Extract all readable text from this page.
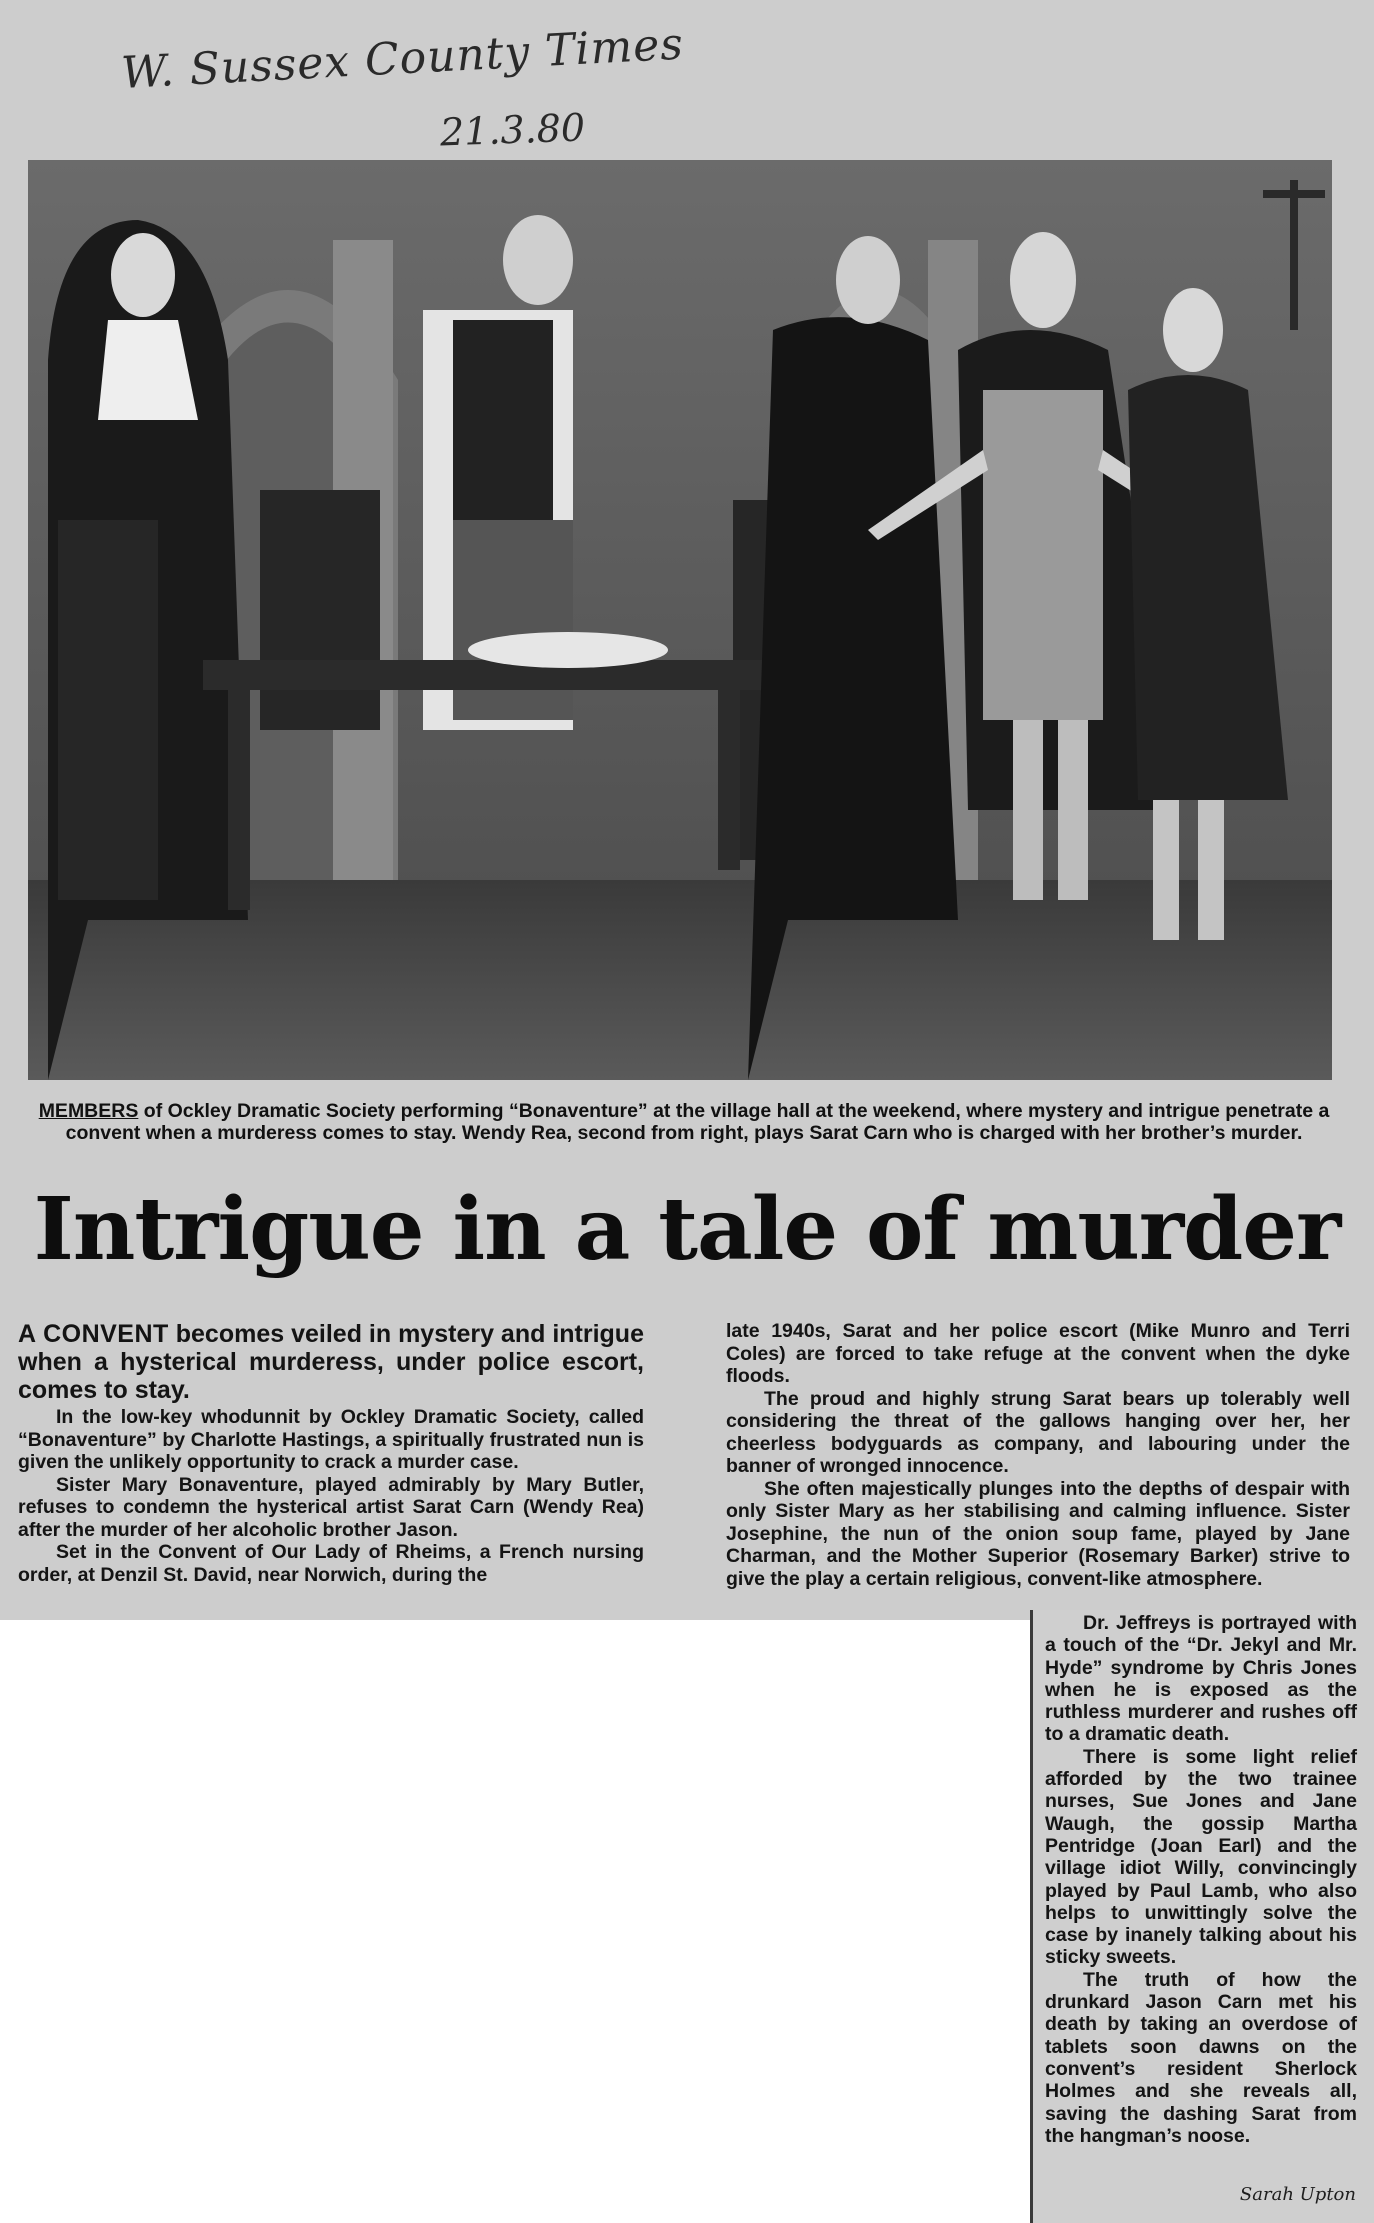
W. Sussex County Times
21.3.80
MEMBERS of Ockley Dramatic Society performing “Bonaventure” at the village hall at the weekend, where mystery and intrigue penetrate a convent when a murderess comes to stay. Wendy Rea, second from right, plays Sarat Carn who is charged with her brother’s murder.
Intrigue in a tale of murder

A CONVENT becomes veiled in mystery and intrigue when a hysterical murderess, under police escort, comes to stay.

In the low-key whodunnit by Ockley Dramatic Society, called “Bonaventure” by Charlotte Hastings, a spiritually frustrated nun is given the unlikely opportunity to crack a murder case.

Sister Mary Bonaventure, played admirably by Mary Butler, refuses to condemn the hysterical artist Sarat Carn (Wendy Rea) after the murder of her alcoholic brother Jason.

Set in the Convent of Our Lady of Rheims, a French nursing order, at Denzil St. David, near Norwich, during the

late 1940s, Sarat and her police escort (Mike Munro and Terri Coles) are forced to take refuge at the convent when the dyke floods.

The proud and highly strung Sarat bears up tolerably well considering the threat of the gallows hanging over her, her cheerless bodyguards as company, and labouring under the banner of wronged innocence.

She often majestically plunges into the depths of despair with only Sister Mary as her stabilising and calming influence. Sister Josephine, the nun of the onion soup fame, played by Jane Charman, and the Mother Superior (Rosemary Barker) strive to give the play a certain religious, convent-like atmosphere.

Dr. Jeffreys is portrayed with a touch of the “Dr. Jekyl and Mr. Hyde” syndrome by Chris Jones when he is exposed as the ruthless murderer and rushes off to a dramatic death.

There is some light relief afforded by the two trainee nurses, Sue Jones and Jane Waugh, the gossip Martha Pentridge (Joan Earl) and the village idiot Willy, convincingly played by Paul Lamb, who also helps to unwittingly solve the case by inanely talking about his sticky sweets.

The truth of how the drunkard Jason Carn met his death by taking an overdose of tablets soon dawns on the convent’s resident Sherlock Holmes and she reveals all, saving the dashing Sarat from the hangman’s noose.

Sarah Upton
